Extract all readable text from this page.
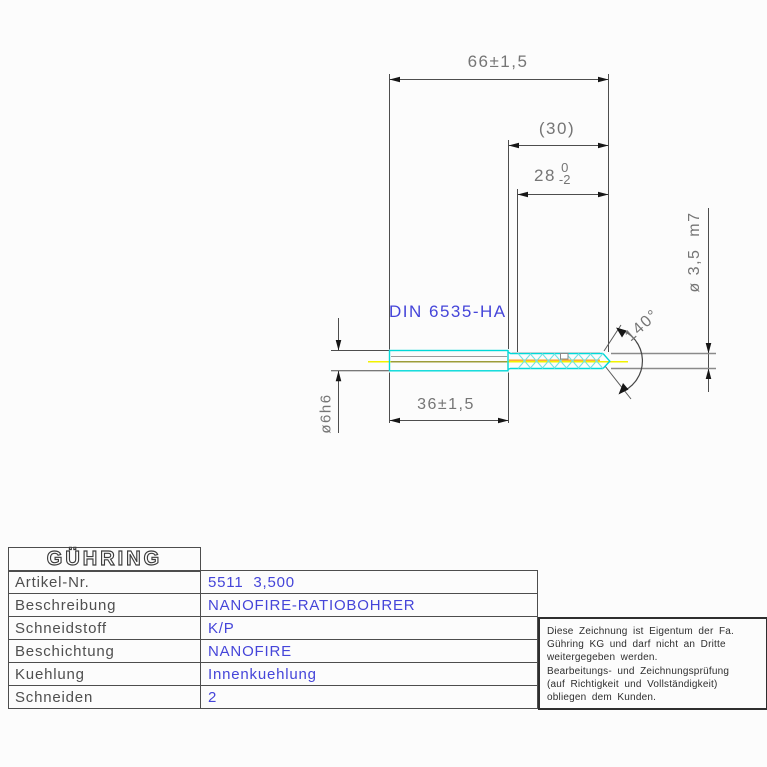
66±1,5
(30)
28 0
-2
36±1,5
ø6h6
ø 3,5  m7
140°
DIN 6535-HA
GÜHRING
Artikel-Nr.	5511  3,500
Beschreibung	NANOFIRE-RATIOBOHRER
Schneidstoff	K/P
Beschichtung	NANOFIRE
Kuehlung	Innenkuehlung
Schneiden	2
Diese Zeichnung ist Eigentum der Fa.
Gühring KG und darf nicht an Dritte
weitergegeben werden.
Bearbeitungs- und Zeichnungsprüfung
(auf Richtigkeit und Vollständigkeit)
obliegen dem Kunden.
